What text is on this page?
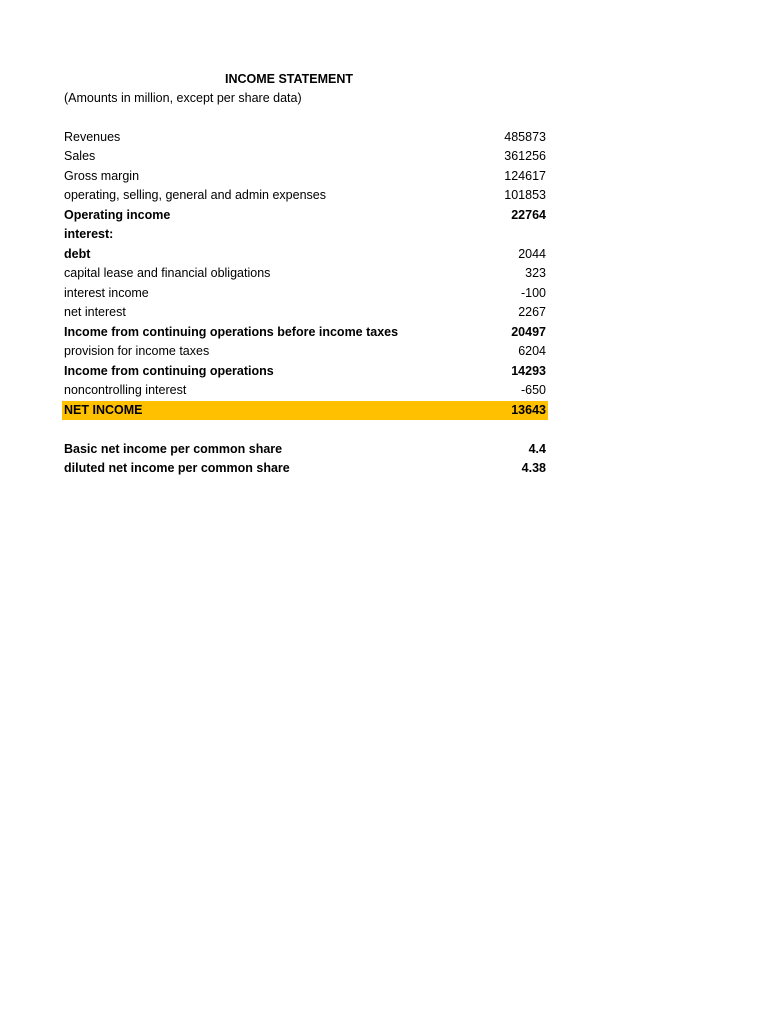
INCOME STATEMENT
(Amounts in million, except per share data)
Revenues	485873
Sales	361256
Gross margin	124617
operating, selling, general and admin expenses	101853
Operating income	22764
interest:
debt	2044
capital lease and financial obligations	323
interest income	-100
net interest	2267
Income from continuing operations before income taxes	20497
provision for income taxes	6204
Income from continuing operations	14293
noncontrolling interest	-650
NET INCOME	13643
Basic net income per common share	4.4
diluted net income per common share	4.38
